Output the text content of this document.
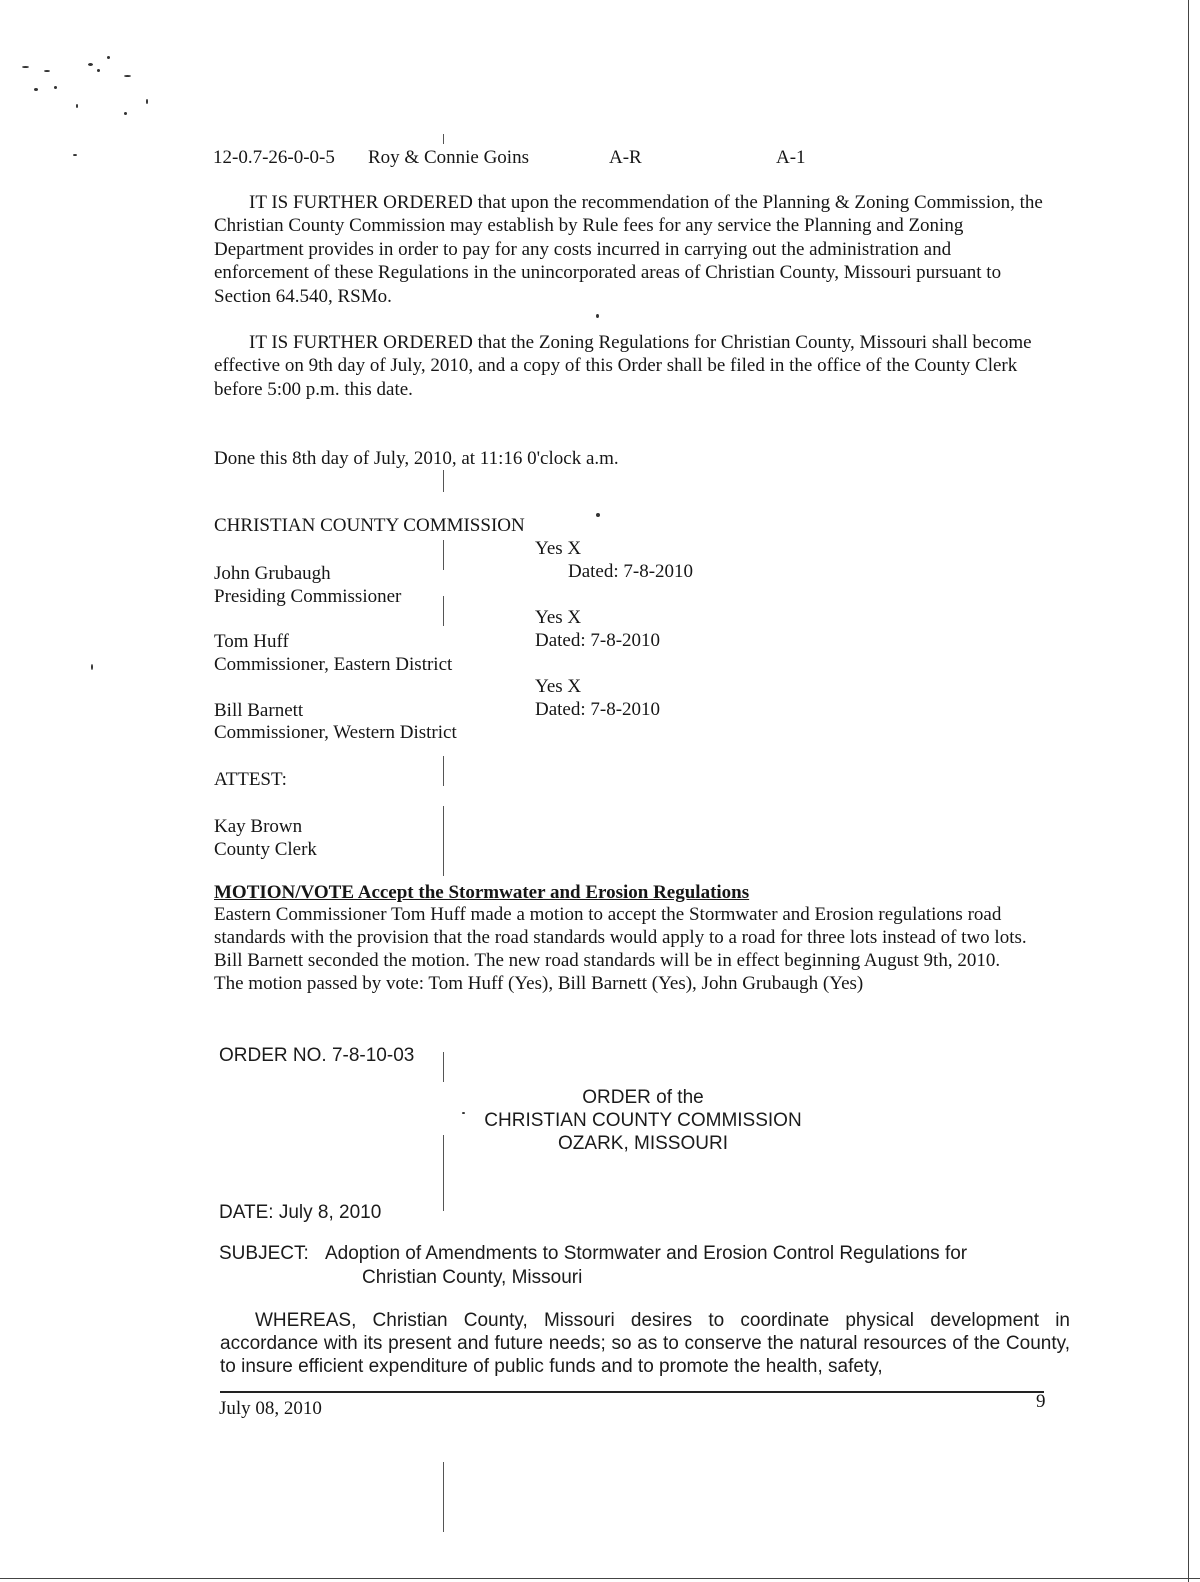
12-0.7-26-0-0-5 Roy & Connie Goins	A-R	A-1
IT IS FURTHER ORDERED that upon the recommendation of the Planning & Zoning Commission, the Christian County Commission may establish by Rule fees for any service the Planning and Zoning Department provides in order to pay for any costs incurred in carrying out the administration and enforcement of these Regulations in the unincorporated areas of Christian County, Missouri pursuant to Section 64.540, RSMo.
IT IS FURTHER ORDERED that the Zoning Regulations for Christian County, Missouri shall become effective on 9th day of July, 2010, and a copy of this Order shall be filed in the office of the County Clerk before 5:00 p.m. this date.
Done this 8th day of July, 2010, at 11:16 0'clock a.m.
CHRISTIAN COUNTY COMMISSION
Yes X
John Grubaugh	Dated: 7-8-2010
Presiding Commissioner
Yes X
Tom Huff	Dated: 7-8-2010
Commissioner, Eastern District
Yes X
Bill Barnett	Dated: 7-8-2010
Commissioner, Western District
ATTEST:
Kay Brown
County Clerk
MOTION/VOTE Accept the Stormwater and Erosion Regulations
Eastern Commissioner Tom Huff made a motion to accept the Stormwater and Erosion regulations road
standards with the provision that the road standards would apply to a road for three lots instead of two lots.
Bill Barnett seconded the motion. The new road standards will be in effect beginning August 9th, 2010.
The motion passed by vote: Tom Huff (Yes), Bill Barnett (Yes), John Grubaugh (Yes)
ORDER NO. 7-8-10-03
ORDER of the
CHRISTIAN COUNTY COMMISSION
OZARK, MISSOURI
DATE: July 8, 2010
SUBJECT: Adoption of Amendments to Stormwater and Erosion Control Regulations for
Christian County, Missouri
WHEREAS, Christian County, Missouri desires to coordinate physical development in accordance with its present and future needs; so as to conserve the natural resources of the County, to insure efficient expenditure of public funds and to promote the health, safety,
July 08, 2010	9
